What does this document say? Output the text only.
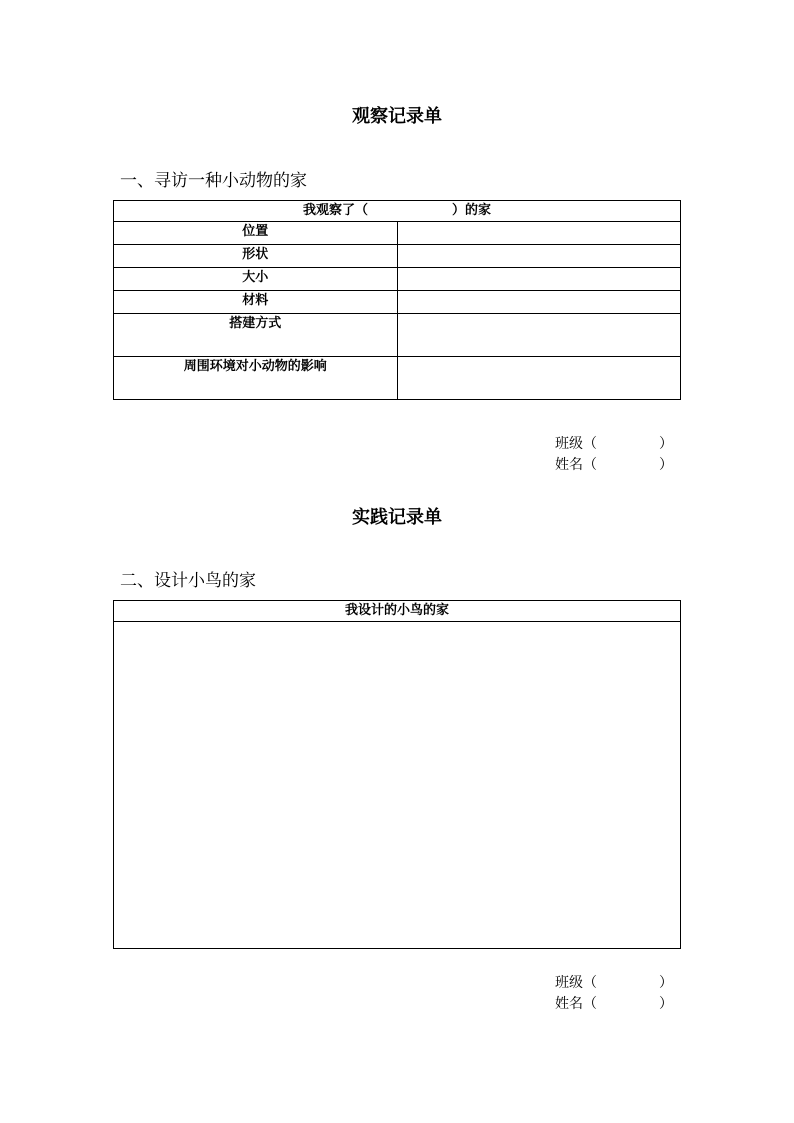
观察记录单
一、寻访一种小动物的家
我观察了（ ）的家	
位置	
形状	
大小	
材料	
搭建方式	
周围环境对小动物的影响	
班级（	）
姓名（	）
实践记录单
二、设计小鸟的家
我设计的小鸟的家

班级（	）
姓名（	）
